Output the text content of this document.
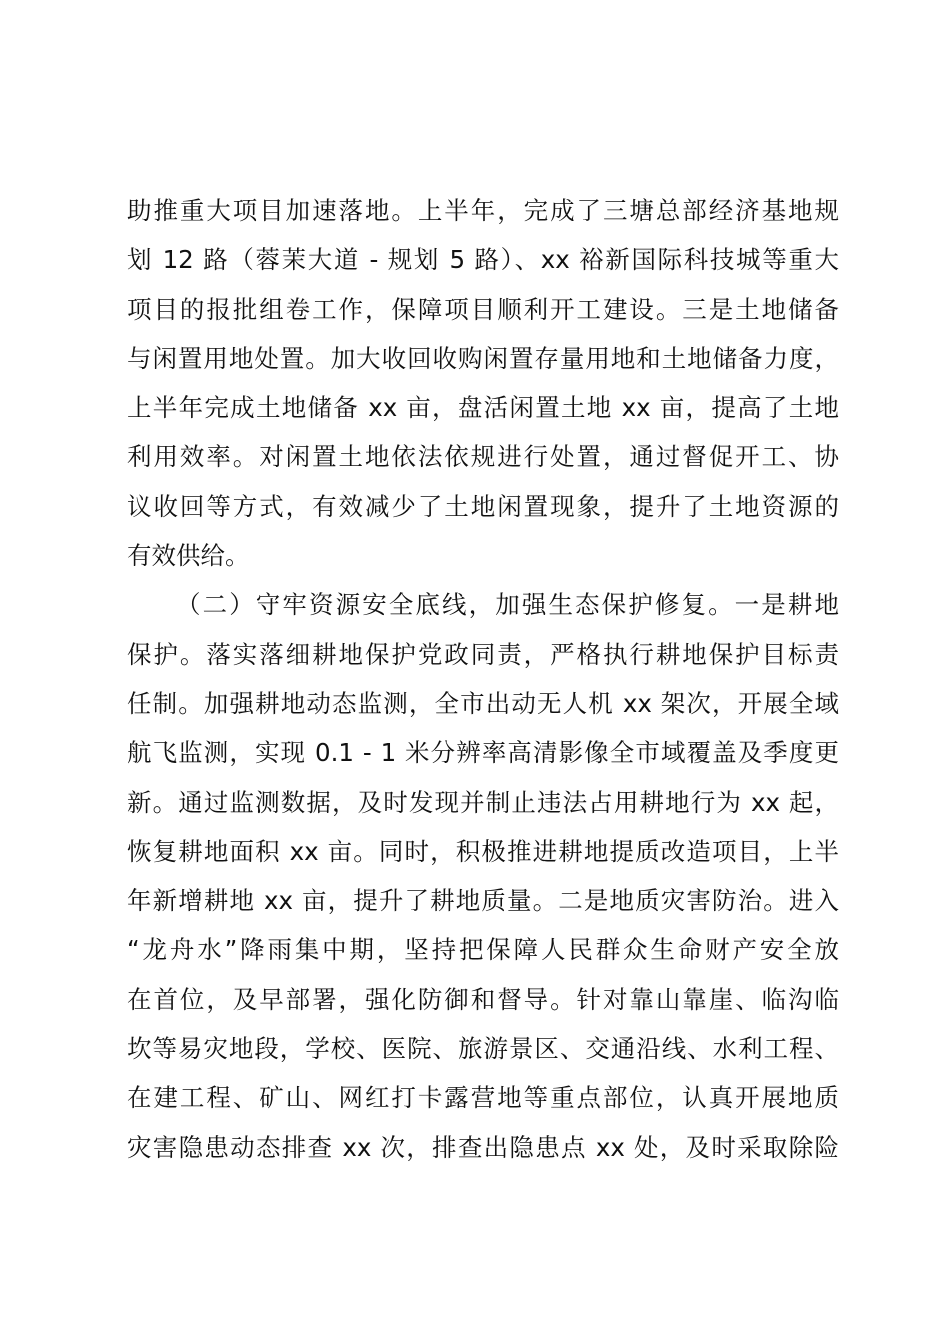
助推重大项目加速落地。上半年，完成了三塘总部经济基地规
划 12 路（蓉茉大道 - 规划 5 路）、xx 裕新国际科技城等重大
项目的报批组卷工作，保障项目顺利开工建设。三是土地储备
与闲置用地处置。加大收回收购闲置存量用地和土地储备力度，
上半年完成土地储备 xx 亩，盘活闲置土地 xx 亩，提高了土地
利用效率。对闲置土地依法依规进行处置，通过督促开工、协
议收回等方式，有效减少了土地闲置现象，提升了土地资源的
有效供给。
（二）守牢资源安全底线，加强生态保护修复。一是耕地
保护。落实落细耕地保护党政同责，严格执行耕地保护目标责
任制。加强耕地动态监测，全市出动无人机 xx 架次，开展全域
航飞监测，实现 0.1 - 1 米分辨率高清影像全市域覆盖及季度更
新。通过监测数据，及时发现并制止违法占用耕地行为 xx 起，
恢复耕地面积 xx 亩。同时，积极推进耕地提质改造项目，上半
年新增耕地 xx 亩，提升了耕地质量。二是地质灾害防治。进入
“龙舟水”降雨集中期，坚持把保障人民群众生命财产安全放
在首位，及早部署，强化防御和督导。针对靠山靠崖、临沟临
坎等易灾地段，学校、医院、旅游景区、交通沿线、水利工程、
在建工程、矿山、网红打卡露营地等重点部位，认真开展地质
灾害隐患动态排查 xx 次，排查出隐患点 xx 处，及时采取除险
